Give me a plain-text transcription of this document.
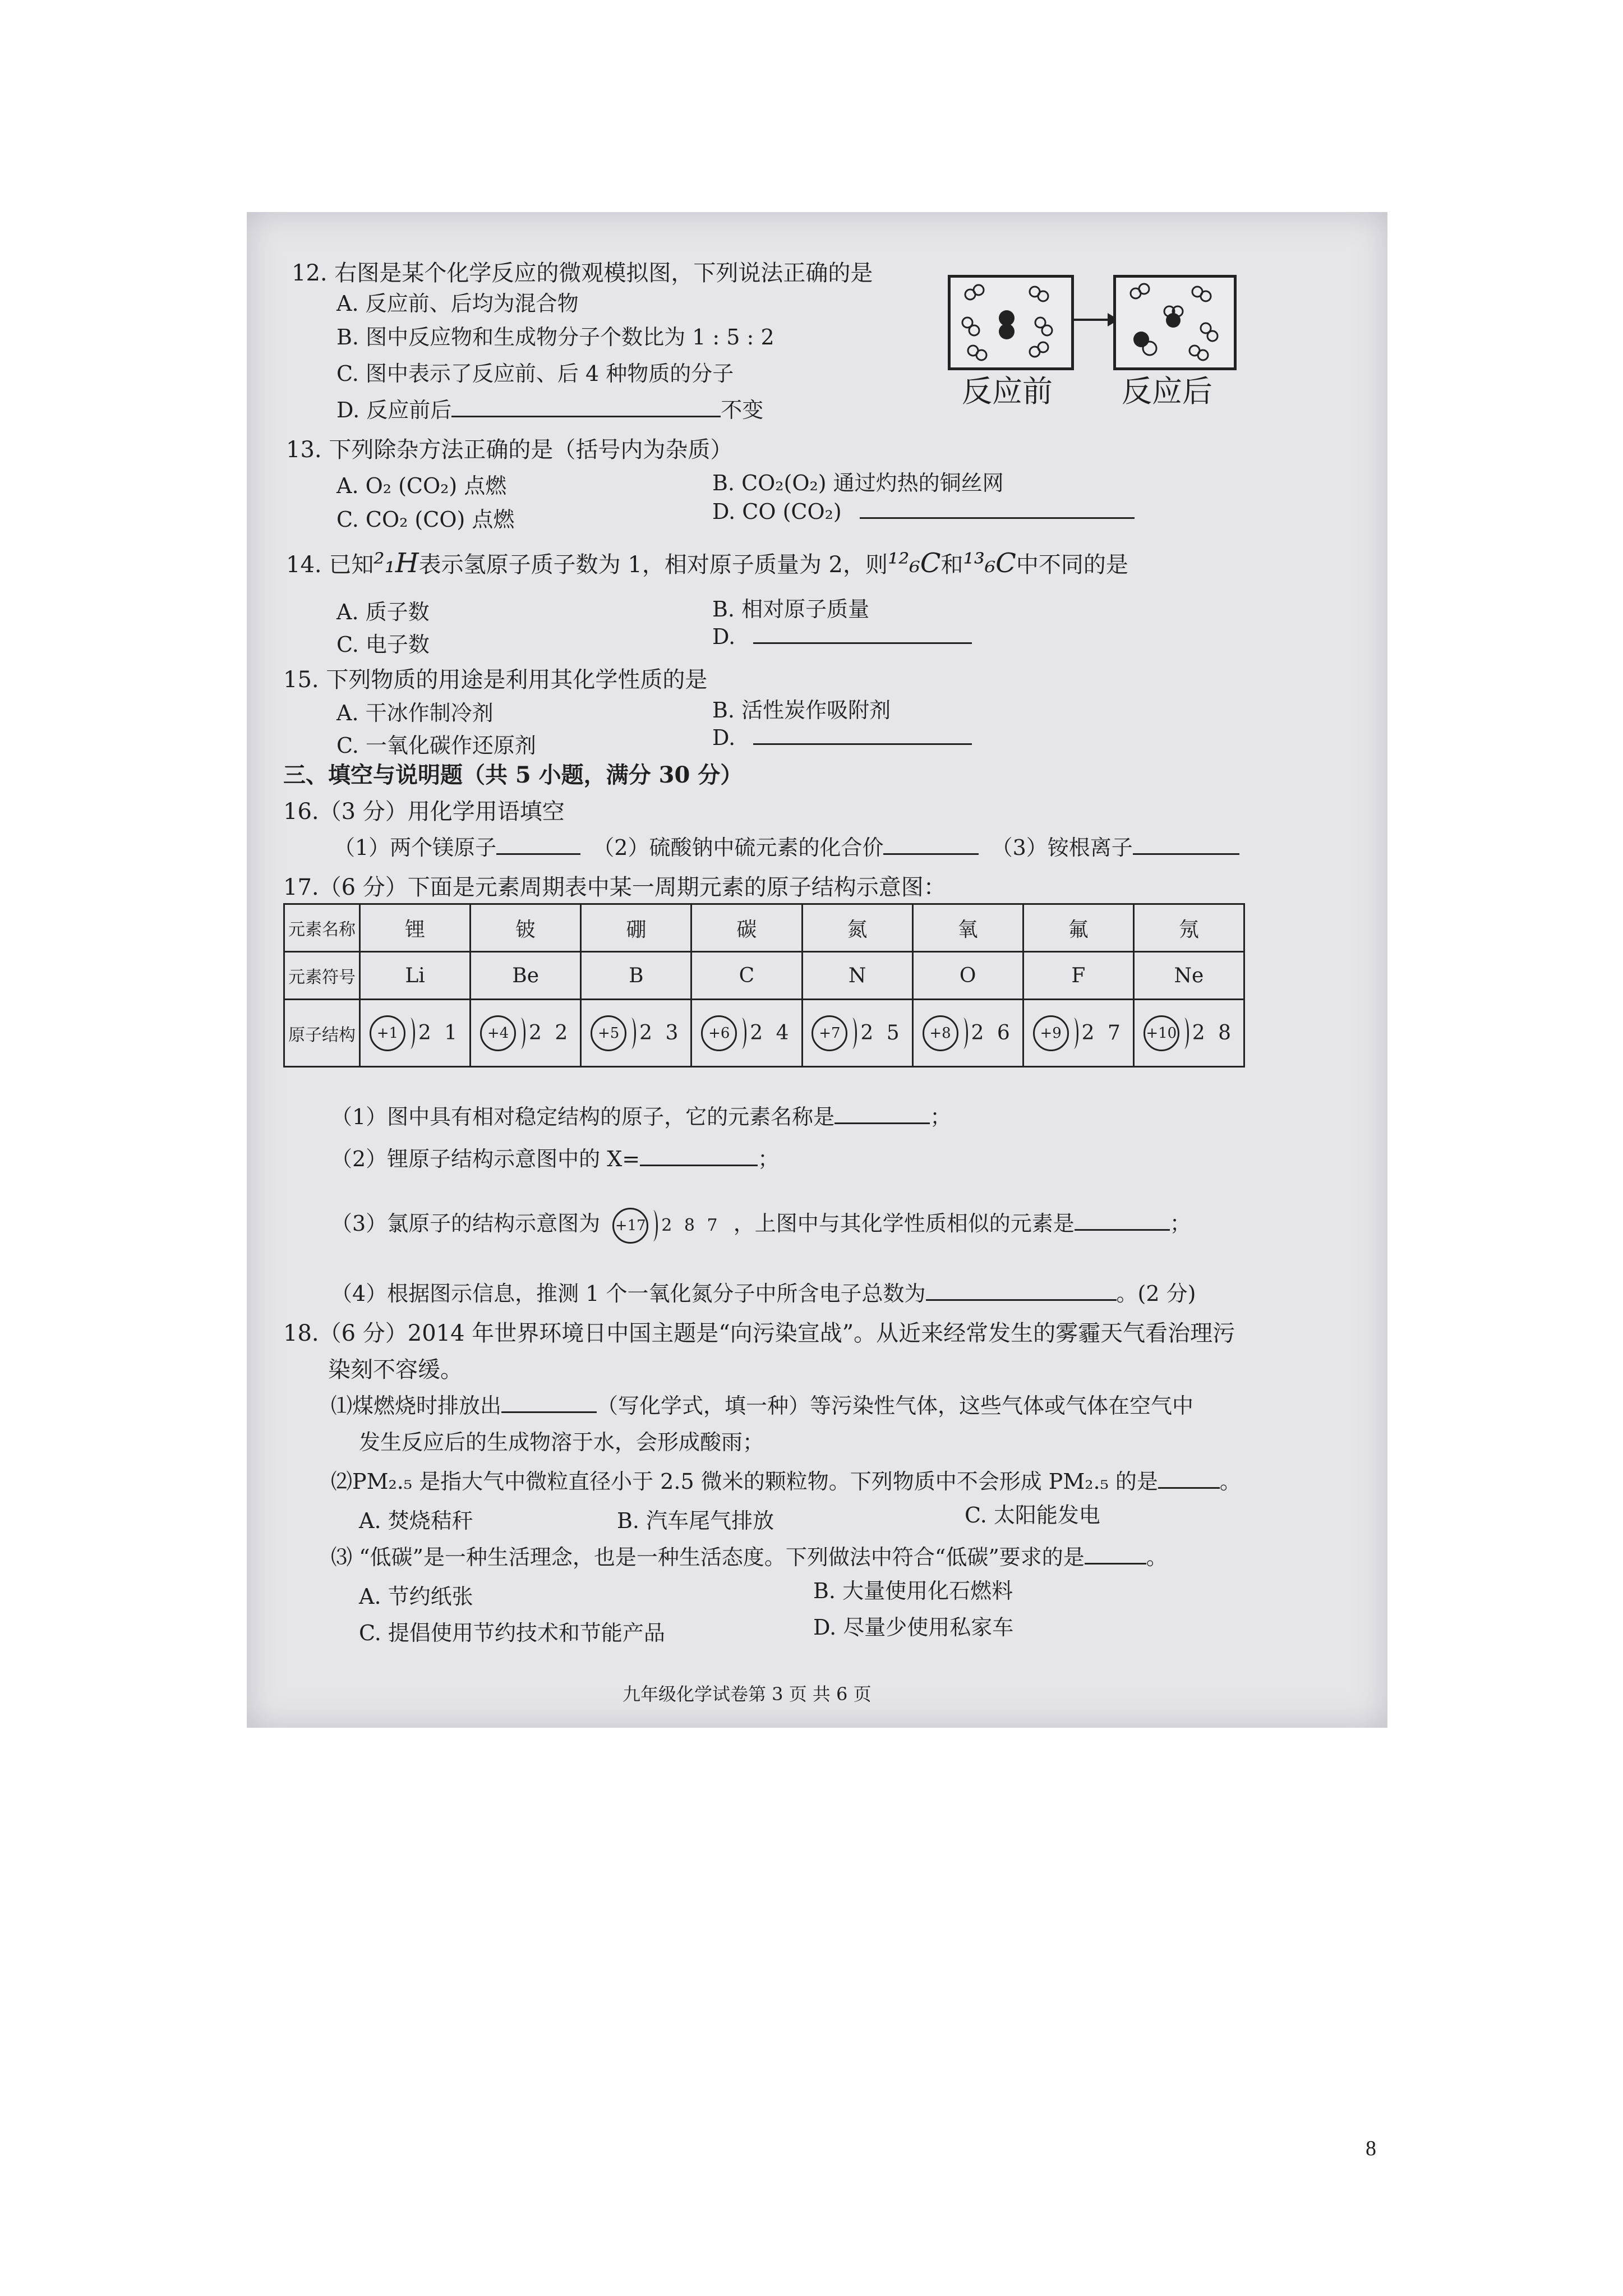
12. 右图是某个化学反应的微观模拟图，下列说法正确的是
A. 反应前、后均为混合物
B. 图中反应物和生成物分子个数比为 1 : 5 : 2
C. 图中表示了反应前、后 4 种物质的分子
D. 反应前后	不变
反应前 反应后
13. 下列除杂方法正确的是（括号内为杂质）
A. O₂ (CO₂) 点燃	B. CO₂(O₂) 通过灼热的铜丝网
C. CO₂ (CO) 点燃	D. CO (CO₂)
14. 已知²₁H表示氢原子质子数为 1，相对原子质量为 2，则¹²₆C和¹³₆C中不同的是
A. 质子数	B. 相对原子质量
C. 电子数	D.
15. 下列物质的用途是利用其化学性质的是
A. 干冰作制冷剂	B. 活性炭作吸附剂
C. 一氧化碳作还原剂	D.
三、填空与说明题（共 5 小题，满分 30 分）
16.（3 分）用化学用语填空
（1）两个镁原子	（2）硫酸钠中硫元素的化合价	（3）铵根离子
17.（6 分）下面是元素周期表中某一周期元素的原子结构示意图：
元素名称	锂	铍	硼	碳	氮	氧	氟	氖
元素符号	Li	Be	B	C	N	O	F	Ne
原子结构	+1 2 1	+4 2 2	+5 2 3	+6 2 4	+7 2 5	+8 2 6	+9 2 7	+10 2 8
（1）图中具有相对稳定结构的原子，它的元素名称是	；
（2）锂原子结构示意图中的 X=	；
（3）氯原子的结构示意图为 +17 2 8 7 ，上图中与其化学性质相似的元素是	；
（4）根据图示信息，推测 1 个一氧化氮分子中所含电子总数为	。(2 分)
18.（6 分）2014 年世界环境日中国主题是“向污染宣战”。从近来经常发生的雾霾天气看治理污
染刻不容缓。
⑴煤燃烧时排放出	（写化学式，填一种）等污染性气体，这些气体或气体在空气中
发生反应后的生成物溶于水，会形成酸雨；
⑵PM₂.₅ 是指大气中微粒直径小于 2.5 微米的颗粒物。下列物质中不会形成 PM₂.₅ 的是	。
A. 焚烧秸秆	B. 汽车尾气排放	C. 太阳能发电
⑶ “低碳”是一种生活理念，也是一种生活态度。下列做法中符合“低碳”要求的是	。
A. 节约纸张	B. 大量使用化石燃料
C. 提倡使用节约技术和节能产品	D. 尽量少使用私家车
九年级化学试卷第 3 页 共 6 页
8
